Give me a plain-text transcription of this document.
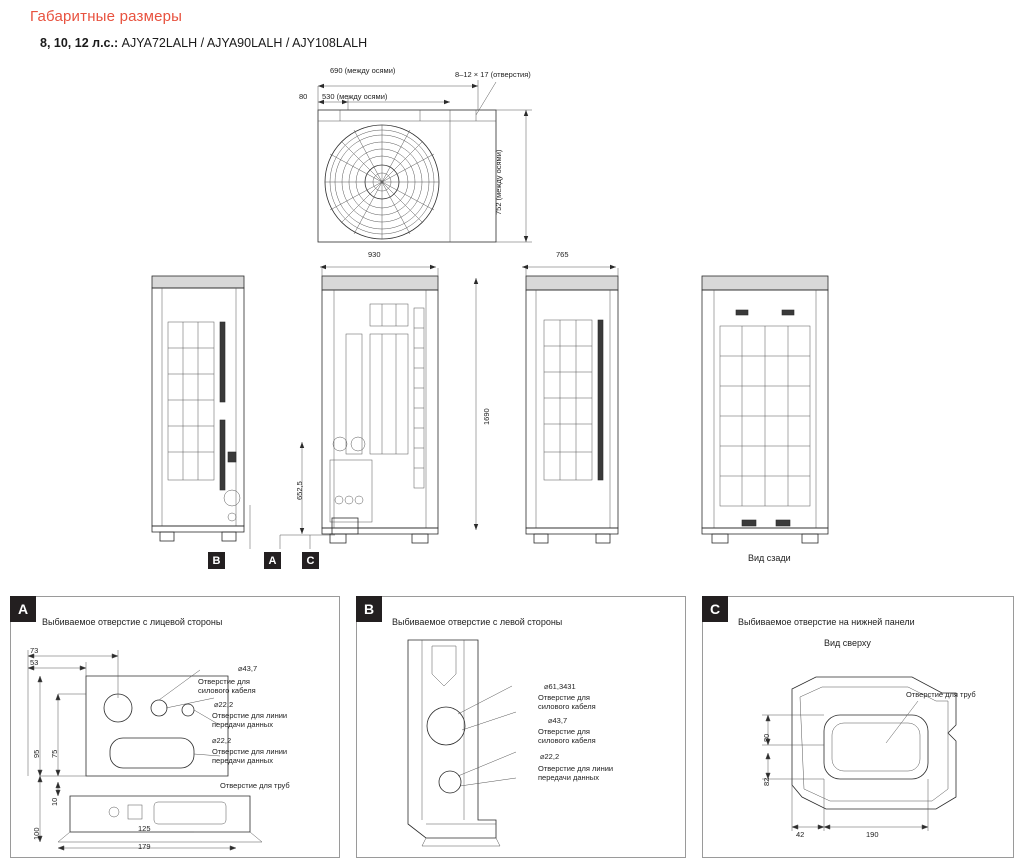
Габаритные размеры
8, 10, 12 л.с.: AJYA72LALH / AJYA90LALH / AJY108LALH
690 (между осями)
80 530 (между осями)
752 (между осями)
8–12 × 17 (отверстия)
930	765
1690
652,5
B	A	C	Вид сзади
A
Выбиваемое отверстие с лицевой стороны
73
53
95 75
10
100	125
179
⌀43,7
Отверстие для силового кабеля
⌀22,2
Отверстие для линии передачи данных
⌀22,2
Отверстие для линии передачи данных
Отверстие для труб
B
Выбиваемое отверстие с левой стороны
⌀61,3431
Отверстие для силового кабеля
⌀43,7
Отверстие для силового кабеля
⌀22,2
Отверстие для линии передачи данных
C
Выбиваемое отверстие на нижней панели
Вид сверху
80
82
42	190
Отверстие для труб
